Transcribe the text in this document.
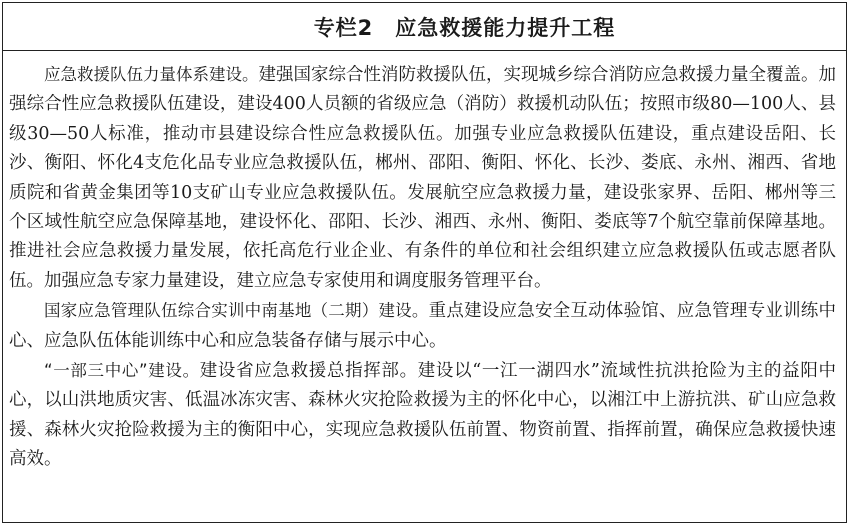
专栏2　应急救援能力提升工程

应急救援队伍力量体系建设。建强国家综合性消防救援队伍，实现城乡综合消防应急救援力量全覆盖。加强综合性应急救援队伍建设，建设400人员额的省级应急（消防）救援机动队伍；按照市级80—100人、县级30—50人标准，推动市县建设综合性应急救援队伍。加强专业应急救援队伍建设，重点建设岳阳、长沙、衡阳、怀化4支危化品专业应急救援队伍，郴州、邵阳、衡阳、怀化、长沙、娄底、永州、湘西、省地质院和省黄金集团等10支矿山专业应急救援队伍。发展航空应急救援力量，建设张家界、岳阳、郴州等三个区域性航空应急保障基地，建设怀化、邵阳、长沙、湘西、永州、衡阳、娄底等7个航空靠前保障基地。推进社会应急救援力量发展，依托高危行业企业、有条件的单位和社会组织建立应急救援队伍或志愿者队伍。加强应急专家力量建设，建立应急专家使用和调度服务管理平台。

国家应急管理队伍综合实训中南基地（二期）建设。重点建设应急安全互动体验馆、应急管理专业训练中心、应急队伍体能训练中心和应急装备存储与展示中心。

“一部三中心”建设。建设省应急救援总指挥部。建设以“一江一湖四水”流域性抗洪抢险为主的益阳中心，以山洪地质灾害、低温冰冻灾害、森林火灾抢险救援为主的怀化中心，以湘江中上游抗洪、矿山应急救援、森林火灾抢险救援为主的衡阳中心，实现应急救援队伍前置、物资前置、指挥前置，确保应急救援快速高效。
